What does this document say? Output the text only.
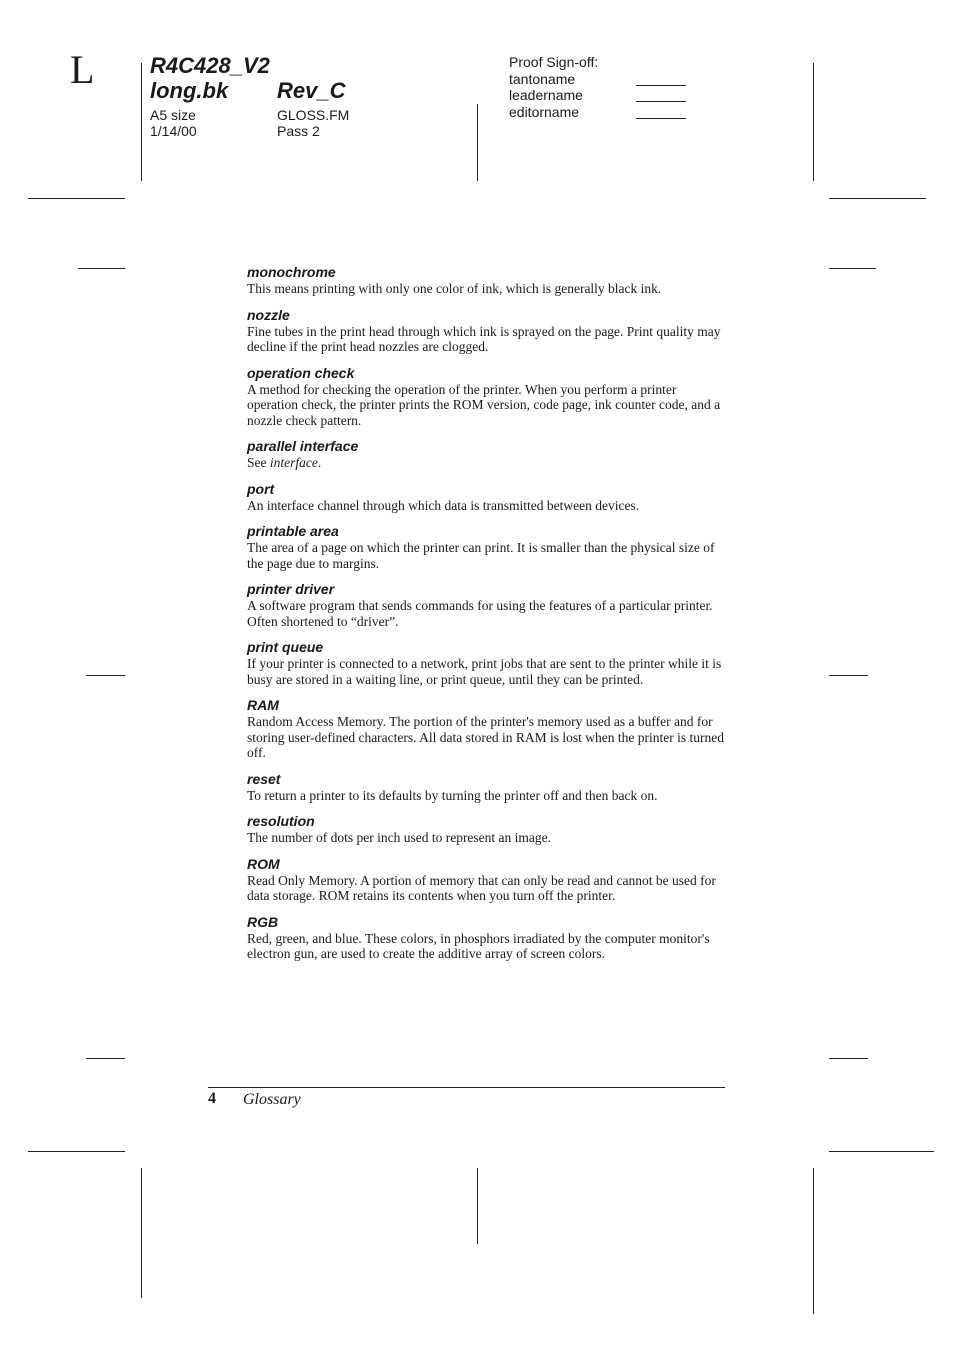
L	R4C428_V2
long.bk Rev_C
A5 size
1/14/00
GLOSS.FM
Pass 2
Proof Sign-off:
tantoname
leadername
editorname

monochrome

This means printing with only one color of ink, which is generally black ink.

nozzle

Fine tubes in the print head through which ink is sprayed on the page. Print quality may decline if the print head nozzles are clogged.

operation check

A method for checking the operation of the printer. When you perform a printer operation check, the printer prints the ROM version, code page, ink counter code, and a nozzle check pattern.

parallel interface

See interface.

port

An interface channel through which data is transmitted between devices.

printable area

The area of a page on which the printer can print. It is smaller than the physical size of the page due to margins.

printer driver

A software program that sends commands for using the features of a particular printer. Often shortened to “driver”.

print queue

If your printer is connected to a network, print jobs that are sent to the printer while it is busy are stored in a waiting line, or print queue, until they can be printed.

RAM

Random Access Memory. The portion of the printer's memory used as a buffer and for storing user-defined characters. All data stored in RAM is lost when the printer is turned off.

reset

To return a printer to its defaults by turning the printer off and then back on.

resolution

The number of dots per inch used to represent an image.

ROM

Read Only Memory. A portion of memory that can only be read and cannot be used for data storage. ROM retains its contents when you turn off the printer.

RGB

Red, green, and blue. These colors, in phosphors irradiated by the computer monitor's electron gun, are used to create the additive array of screen colors.

4 Glossary
